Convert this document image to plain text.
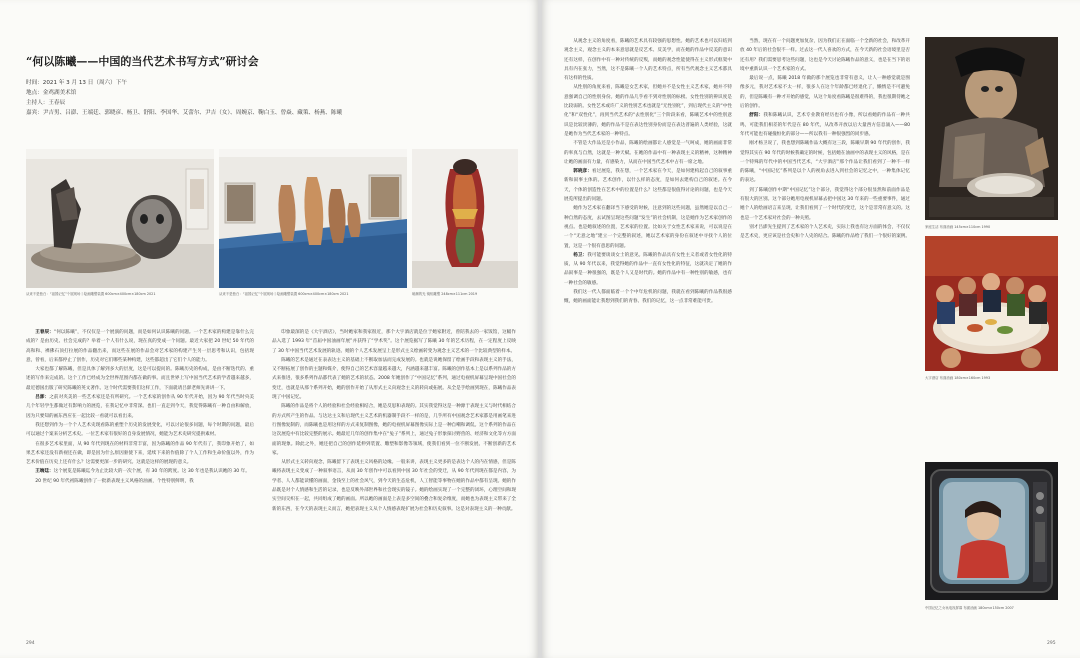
“何以陈曦——中国的当代艺术书写方式”研讨会
时间：2021 年 3 月 13 日（周六）下午
地点：金鸡湖美术馆
主持人：王春辰
嘉宾：尹吉男、吕澎、王端廷、郭晓彦、杨卫、舒阳、李国华、艾蕾尔、尹吉（女）、周婉京、鞠白玉、曾焱、藏策、杨燕、陈曦
从来不是独白：“祖国记忆”个展现场丨绘画雕塑装置 600cm×400cm×180cm 2021	从来不是独白：“祖国记忆”个展现场丨绘画雕塑装置 600cm×400cm×180cm 2021	暗潮的光 镜铝雕塑 248cm×111cm 2019

王春辰：“何以陈曦”，不仅仅是一个展演的问题，而是如何认识陈曦的问题。一个艺术家的构建是靠什么完成的？是由历史、社会完成的？举着一个人有什么说，现在真的变成一个问题。最近大家把 20 世纪 50 年代的高和和、裸佛石顶打拉展的作品翻出来，而这些在展的作品会对艺术家的构建产生另一层思考和认识，包括现意，曾看，后来都停止了创作，历史对它们哪些某种构建，这些都超出了它们个人的能力。

大家也都了解陈曦，但是具体了解到多大的层度，这是可以提问的。陈曦历史的构成，是由不断迭代的、重述的写作来完成的。这个工作已经成为全世界范围内都在做的事。而且世界上写中国当代艺术的学者越来越多，最近德国出版了研究陈曦的英文著作。这个时代需要我们这样工作，下面就请吕澎老师先讲讲一下。

吕澎：之前对夹美的一些艺术家还是有所研究。一个艺术家的创作从 90 年代开始，因为 90 年代当时央美几个年轻学生都做过有影响力的展览，在我记忆中非常深。也们一直走到今天，我觉得陈曦有一种自由和解放，因为只要知的画东西应在一起比较一看就可以看出来。

我还想到作为一个个人艺术史现看陈的重塑个历史的发展变化，可以讨论很多问题，每个时期的问题，最后可以通过个案来分析艺术史。一位艺术家有很好的自身发展情况，她能为艺术史研究提供素材。

在很多艺术家里面，从 90 年代到现在的材料非常丰富，因为陈曦的作品 90 年代有了，我印象开始了，如果艺术家还没有新视还在做，即是因为什么原因驱使下来，延续下来的作值除了个人工作和生命价值以外，作为艺术价值在历史上还有什么？这需要更深一步的研究。这就是这样的展现的意义。

王端廷：这个展览是陈曦迄今为止比较大的一次个展，有 30 年的跨度。这 30 年也是我认识她的 30 年。

20 世纪 90 年代初陈曦创作了一批新表现主义风格的油画，个性特别鲜明，我

印象最深的是《大宇酒店》，当时她家和我家很近，那个大宇酒店就是位于她家附近，曾陪我去的一家饭馆，这幅作品入选了 1993 年“首届中国油画年展”并获得了“学术奖”。这个展览据写了陈曦 30 年的艺术历程，在一定程度上反映了 30 年中国当代艺术发展的轨迹。她的个人艺术发展呈上是形式主义绘画转变为观念主义艺术的一个比较典型的样本。

陈曦的艺术是通过在表表达主义的基础上不断取加法而完成发展的。也就是说她保留了绘画手段和表现主义的手法，又不断拓展了创作的主题和媒介，使得自己的艺术容量越来越大，内涵越来越丰富。陈曦的创作基本上是以系列作品的方式来推进，很多系列作品都代表了她的艺术的状态。2008 年她创作了“中国记忆”系列，通过电视机屏幕呈现中国社会的变迁，也就是从那个系列开始，她的创作开始了从形式主义向观念主义的转向或拓展。从全是手绘画到现在，陈曦作品表现了中国记忆。

陈曦的作品是将个人的经验和社会经验相结合，她是反思和表现的。其实我觉得这是一种源于表现主义与时代相结合的方式所产生的作品。与达达主义和后现代主义艺术的机器制手段不一样的是，几乎所有中国观念艺术家都是用画笔来进行图像复制的，而陈曦也是用这样的方式来复制图像，她的电视机屏幕图像实际上是一种自嘲和调侃。这个系列的作品在这次展览中有比较完整的展示。她最近几年的创作集中在“兔子”系列上，通过兔子形象探讨野兽的、经济和文化等方方面面的现象。除此之外，她还把自己的创作延伸到装置、雕塑和影像等领域，使我们看到一位不断发展、不断创新的艺术家。

从形式主义转向观念，陈曦留下了表现主义风格的边缘。一般来讲，表现主义更多的是表达个人的内在情感，但是陈曦将表现主义变成了一种叙事语言，从而 30 年创作中可以看到中国 30 年社会的变迁，从 90 年代到现在都是内容，为学者、人人都能读懂的画面，金钱至上的社会风气，到今天的生态危机，人工智能等事物在她的作品中都有呈现。她的作品既是对个人情感和生活的记录，也是反映外部世界和社会现实的镜子。她的绘画实现了一个完整的闭环，心理空间和现实空间交织在一起，共同组成了她的画面。所以她的画面是上表是多空间的叠合和复杂维度，而她也为表现主义带来了全新的东西，在今天的表现主义而言，她把表现主义从个人情感表现扩展为社会和历史叙事。这是对表现主义的一种贡献。

294

从观念主义的角度看，陈曦的艺术具有较强的思想性。她的艺术也可以归结到观念主义，观念主义的本来意思就是反艺术、反美学，而在她的作品中反美的意识还有这样，在创作中有一种对传统的反叛，而她的观念性能使得在主义形式框架中具有内在张力，当然，这不是陈曦一个人的艺术特点，所有当代观念主义艺术都具有这样的性质。

从性别的角度来看，陈曦是女艺术家，但她并不是女性主义艺术家，她并不特意强调自己的性别身份。她的作品几乎看不到对性别的标榜。女性性别的辨识度是比较弱的。女性艺术或许广义的性别艺术也就是“无性别化”，到后现代主义的“中性化”和“双性化”，再到当代艺术的“去性别化”三个阶段来看，陈曦艺术中的性别意识是比较淡薄的，她的作品不是在表达性别身份而是在表达普遍的人类经验，这就是她作为当代艺术家的一种特点。

不管是大作品还是小作品，陈曦的绘画都让人感觉是一气呵成，她的画面非常的率真与自然，这就是一种天赋。在她的作品中有一种表现主义的精神，这种精神让她的画面有力量，有感染力，从而在中国当代艺术中占有一席之地。

郭晓彦：看过展览，我在想，一个艺术家在今天，是如何建构起自己的叙事重新和叙事主体的。艺术创作，以什么样的态度，是如何去建构自己的叙述。在今天，个体的创造性在艺术中的位置是什么？这些都是很值得讨论的问题，也是今天展览所提出的问题。

她作为艺术家在翻译当下感受的时候，注意到的这些问题，虽然她是以自己一种自然的态度，去试图呈现这些问题“发生”的社会机制，这是她作为艺术家创作的视点。也是她叙述的位置，艺术家的位置。比如关于女性艺术家来说，可以说是在一个“无意之地”建立一个完整的叙述，她以艺术家的身份在叙述中寻找个人的位置，这是一个很有意思的问题。

杨卫：我可能要谈谈女士的意见。陈曦的作品具有女性主义者或者女性化的特质，从 90 年代以来，我觉得她的作品中一直有女性化的特征，这就决定了她的作品叙事是一种很强的，既是个人又是时代的。她的作品中有一种性别的敏感，也有一种社会的敏感。

我们这一代人都面临着一个个中年危机的问题，我就在看到陈曦的作品我很感慨，她的画面能让我想到我们的青春、我们的记忆，这一点非常难能可贵。

当然，现在有一个问题更加复杂，因为我们正在面临一个全新的社会，和改革开放 40 年后的社会很不一样。过去这一代人喜欢的方式，在今天新的社会语境里是否还有用？我们需要思考这些问题，这也是今天讨论陈曦作品的意义，也是在当下的语境中重新认识一个艺术家的方式。

最后说一点，陈曦 2018 年做的那个展览也非常有意义，让人一种感觉就是图像多元，我对艺术家不太一样，很多人在这个年龄都已经退化了，懒惰是不可避免的，但是陈曦有一种才开始的感觉，从这个角度看陈曦是很难得的，我也很期待她之后的创作。

舒阳：我和陈曦认识，艺术专业教育经历也有小像，所以看她的作品有一种共鸣，可能我们相差的年代是在 80 年代，从改革开放以后大量西方信息涌入——80 年代可能也有碰撞恒化的部分——所以我有一种很强烈的同步感。

刚才杨卫说了，我也想到陈曦作品大概有这三段，陈曦早期 90 年代的创作，我觉得其实在 90 年代的时候我确定的时候，包括她在油画中的表现主义的风格，是在一个特殊的年代中的中国当代艺术，“大宇酒店”那个作品让我们看到了一种不一样的陈曦，“中国记忆”系列是以个人的视角去进入到社会的记忆之中，一种集体记忆的表达。

到了陈曦创作中期“中国记忆”这个部分，我觉得这个部分很显然和前面作品是有很大的区别。这个部分她用电视机屏幕去把中国这 30 年来的一些重要事件，通过她个人的绘画语言来呈现，让我们看到了一个时代的变迁，这个是非常有意义的。这也是一个艺术家对社会的一种关照。

别才吕澎先生提到了艺术家的个人艺术史，实际上我也有这方面的体会，不仅仅是艺术史，更应该是社会史和个人史的结合。陈曦的作品给了我们一个很好的案例。

家庭生活 布面油画 145cm×110cm 1990
大宇酒店 布面油画 180cm×160cm 1993
中国记忆之女孩电视屏幕 布面油画 180cm×150cm 2007
295
